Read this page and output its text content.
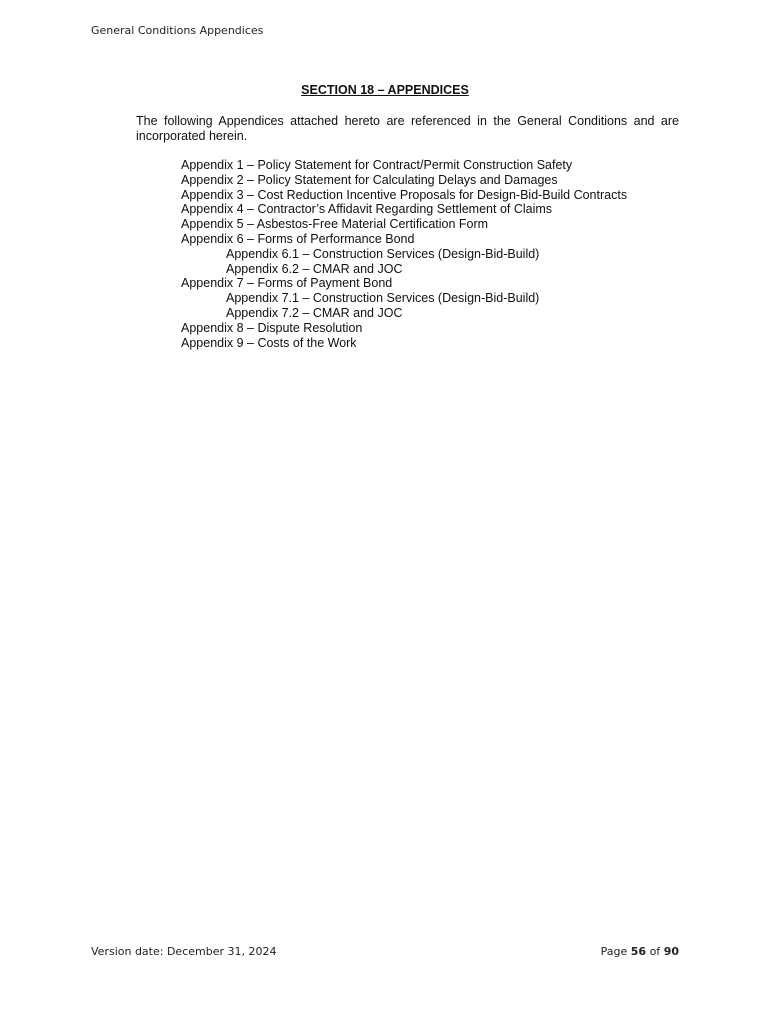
General Conditions Appendices
SECTION 18 – APPENDICES
The following Appendices attached hereto are referenced in the General Conditions and are incorporated herein.
Appendix 1 – Policy Statement for Contract/Permit Construction Safety
Appendix 2 – Policy Statement for Calculating Delays and Damages
Appendix 3 – Cost Reduction Incentive Proposals for Design-Bid-Build Contracts
Appendix 4 – Contractor’s Affidavit Regarding Settlement of Claims
Appendix 5 – Asbestos-Free Material Certification Form
Appendix 6 – Forms of Performance Bond
Appendix 6.1 – Construction Services (Design-Bid-Build)
Appendix 6.2 – CMAR and JOC
Appendix 7 – Forms of Payment Bond
Appendix 7.1 – Construction Services (Design-Bid-Build)
Appendix 7.2 – CMAR and JOC
Appendix 8 – Dispute Resolution
Appendix 9 – Costs of the Work
Version date: December 31, 2024	Page 56 of 90
